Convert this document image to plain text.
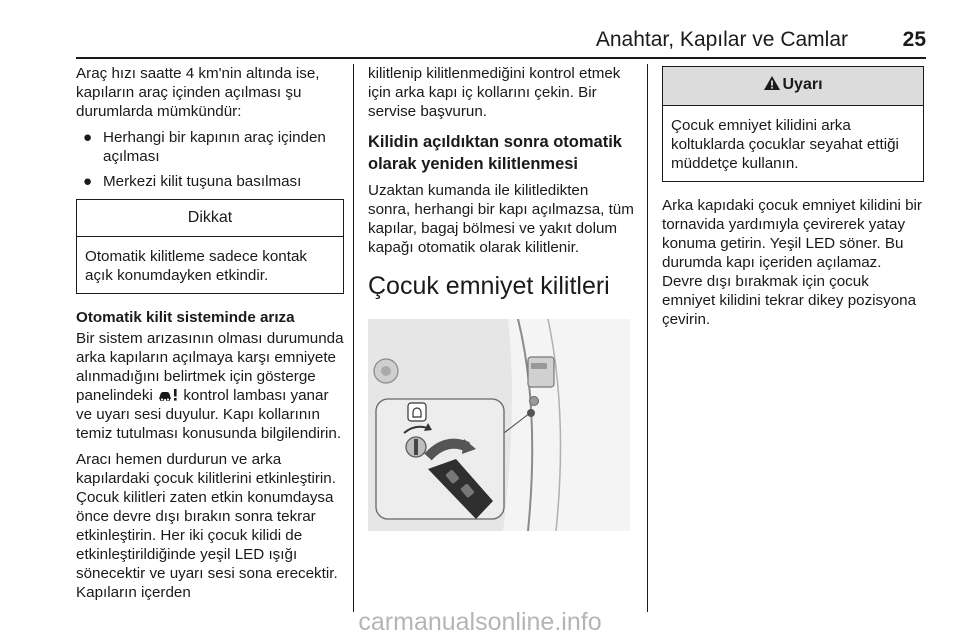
Anahtar, Kapılar ve Camlar	25

Araç hızı saatte 4 km'nin altında ise, kapıların araç içinden açılması şu durumlarda mümkündür:

● Herhangi bir kapının araç içinden açılması
● Merkezi kilit tuşuna basılması
Dikkat
Otomatik kilitleme sadece kontak açık konumdayken etkindir.
Otomatik kilit sisteminde arıza

Bir sistem arızasının olması durumunda arka kapıların açılmaya karşı emniyete alınmadığını belirtmek için gösterge panelindeki kontrol lambası yanar ve uyarı sesi duyulur. Kapı kollarının temiz tutulması konusunda bilgilendirin.

Aracı hemen durdurun ve arka kapılardaki çocuk kilitlerini etkinleştirin. Çocuk kilitleri zaten etkin konumdaysa önce devre dışı bırakın sonra tekrar etkinleştirin. Her iki çocuk kilidi de etkinleştirildiğinde yeşil LED ışığı sönecektir ve uyarı sesi sona erecektir. Kapıların içerden

kilitlenip kilitlenmediğini kontrol etmek için arka kapı iç kollarını çekin. Bir servise başvurun.

Kilidin açıldıktan sonra otomatik olarak yeniden kilitlenmesi

Uzaktan kumanda ile kilitledikten sonra, herhangi bir kapı açılmazsa, tüm kapılar, bagaj bölmesi ve yakıt dolum kapağı otomatik olarak kilitlenir.

Çocuk emniyet kilitleri
Uyarı
Çocuk emniyet kilidini arka koltuklarda çocuklar seyahat ettiği müddetçe kullanın.

Arka kapıdaki çocuk emniyet kilidini bir tornavida yardımıyla çevirerek yatay konuma getirin. Yeşil LED söner. Bu durumda kapı içeriden açılamaz. Devre dışı bırakmak için çocuk emniyet kilidini tekrar dikey pozisyona çevirin.

carmanualsonline.info
